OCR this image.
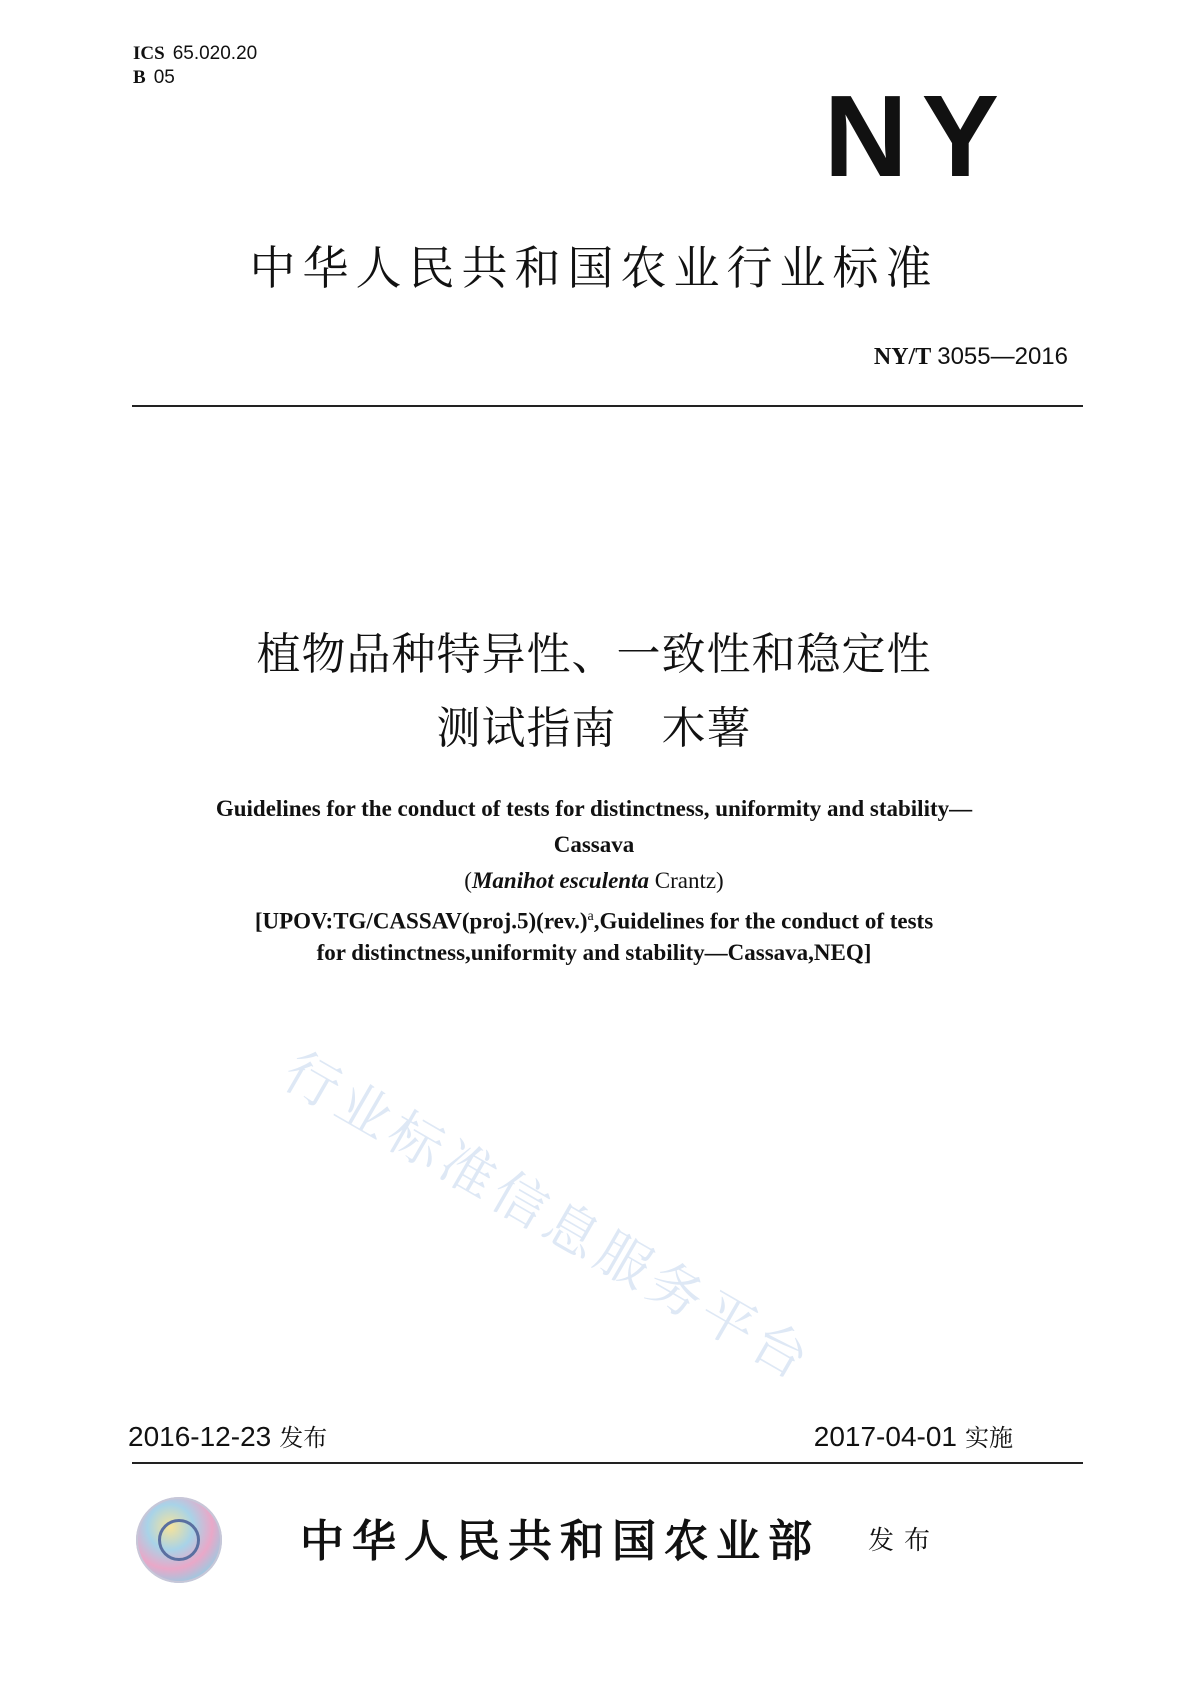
ICS 65.020.20
B 05	NY
中华人民共和国农业行业标准
NY/T 3055—2016
植物品种特异性、一致性和稳定性
测试指南　木薯
Guidelines for the conduct of tests for distinctness, uniformity and stability—
Cassava
(Manihot esculenta Crantz)
[$UPOV:TG/CASSAV(proj.5)(rev.)^a,Guidelines$ for the conduct of tests
for distinctness,uniformity and stability—Cassava,NEQ]
行业标准信息服务平台
2016-12-23 发布	2017-04-01 实施
中华人民共和国农业部 发布
